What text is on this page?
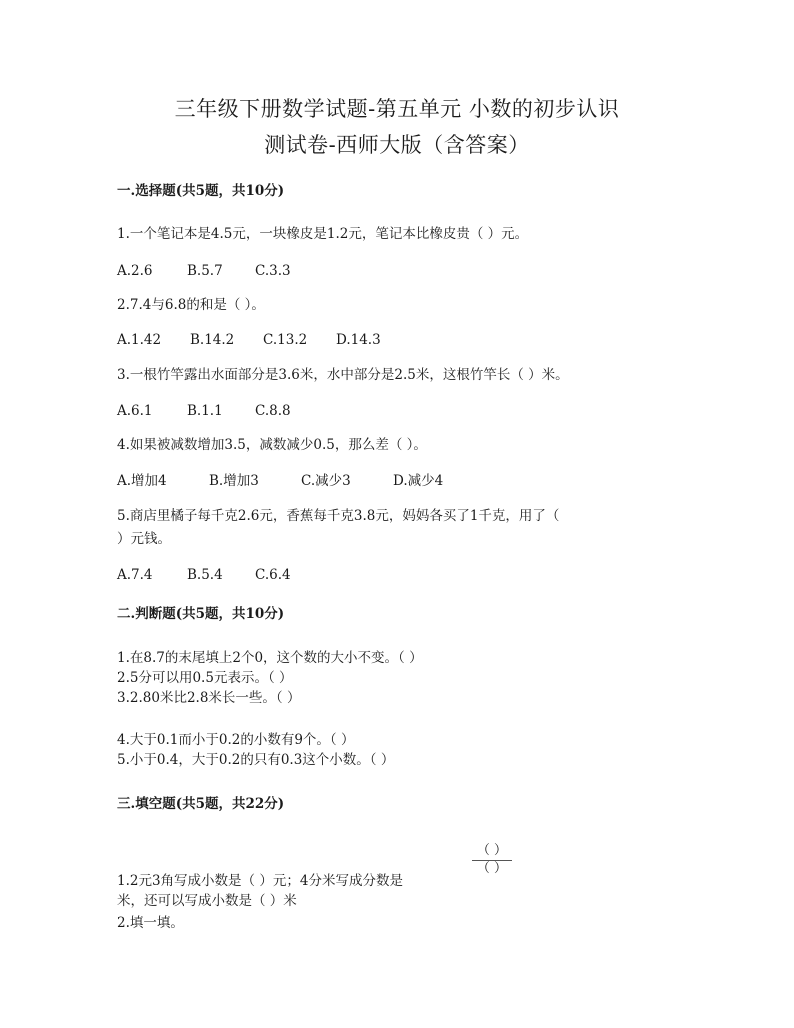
三年级下册数学试题-第五单元 小数的初步认识
测试卷-西师大版（含答案）
一.选择题(共5题，共10分)
1.一个笔记本是4.5元，一块橡皮是1.2元，笔记本比橡皮贵（ ）元。
A.2.6	B.5.7 C.3.3
2.7.4与6.8的和是（ ）。
A.1.42 B.14.2 C.13.2 D.14.3
3.一根竹竿露出水面部分是3.6米，水中部分是2.5米，这根竹竿长（ ）米。
A.6.1	B.1.1 C.8.8
4.如果被减数增加3.5，减数减少0.5，那么差（ ）。
A.增加4	B.增加3	C.减少3	D.减少4
5.商店里橘子每千克2.6元，香蕉每千克3.8元，妈妈各买了1千克，用了（
）元钱。
A.7.4	B.5.4 C.6.4
二.判断题(共5题，共10分)
1.在8.7的末尾填上2个0，这个数的大小不变。（ ）
2.5分可以用0.5元表示。（ ）
3.2.80米比2.8米长一些。（ ）
4.大于0.1而小于0.2的小数有9个。（ ）
5.小于0.4，大于0.2的只有0.3这个小数。（ ）
三.填空题(共5题，共22分)
（ ）
（ ）
1.2元3角写成小数是（ ）元；4分米写成分数是
米，还可以写成小数是（ ）米
2.填一填。
